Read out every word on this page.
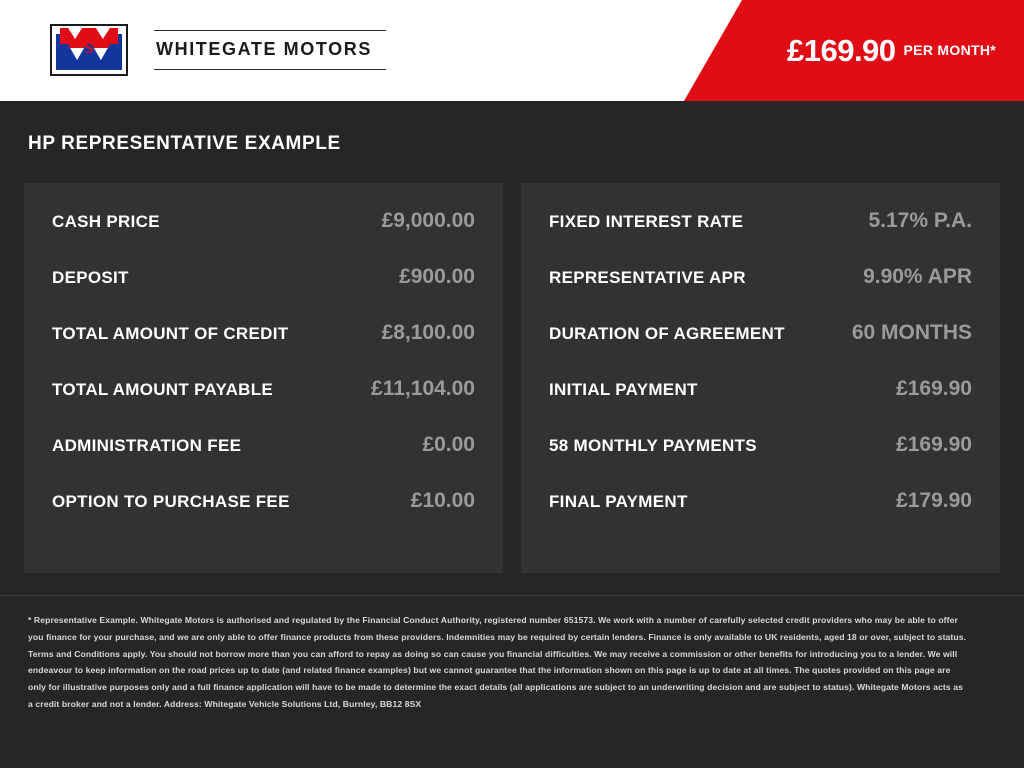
S	WHITEGATE MOTORS	£169.90 PER MONTH*
HP REPRESENTATIVE EXAMPLE
CASH PRICE	£9,000.00
DEPOSIT	£900.00
TOTAL AMOUNT OF CREDIT	£8,100.00
TOTAL AMOUNT PAYABLE	£11,104.00
ADMINISTRATION FEE	£0.00
OPTION TO PURCHASE FEE	£10.00
FIXED INTEREST RATE	5.17% P.A.
REPRESENTATIVE APR	9.90% APR
DURATION OF AGREEMENT	60 MONTHS
INITIAL PAYMENT	£169.90
58 MONTHLY PAYMENTS	£169.90
FINAL PAYMENT	£179.90

* Representative Example. Whitegate Motors is authorised and regulated by the Financial Conduct Authority, registered number 651573. We work with a number of carefully selected credit providers who may be able to offer you finance for your purchase, and we are only able to offer finance products from these providers. Indemnities may be required by certain lenders. Finance is only available to UK residents, aged 18 or over, subject to status. Terms and Conditions apply. You should not borrow more than you can afford to repay as doing so can cause you financial difficulties. We may receive a commission or other benefits for introducing you to a lender. We will endeavour to keep information on the road prices up to date (and related finance examples) but we cannot guarantee that the information shown on this page is up to date at all times. The quotes provided on this page are only for illustrative purposes only and a full finance application will have to be made to determine the exact details (all applications are subject to an underwriting decision and are subject to status). Whitegate Motors acts as a credit broker and not a lender. Address: Whitegate Vehicle Solutions Ltd, Burnley, BB12 8SX
